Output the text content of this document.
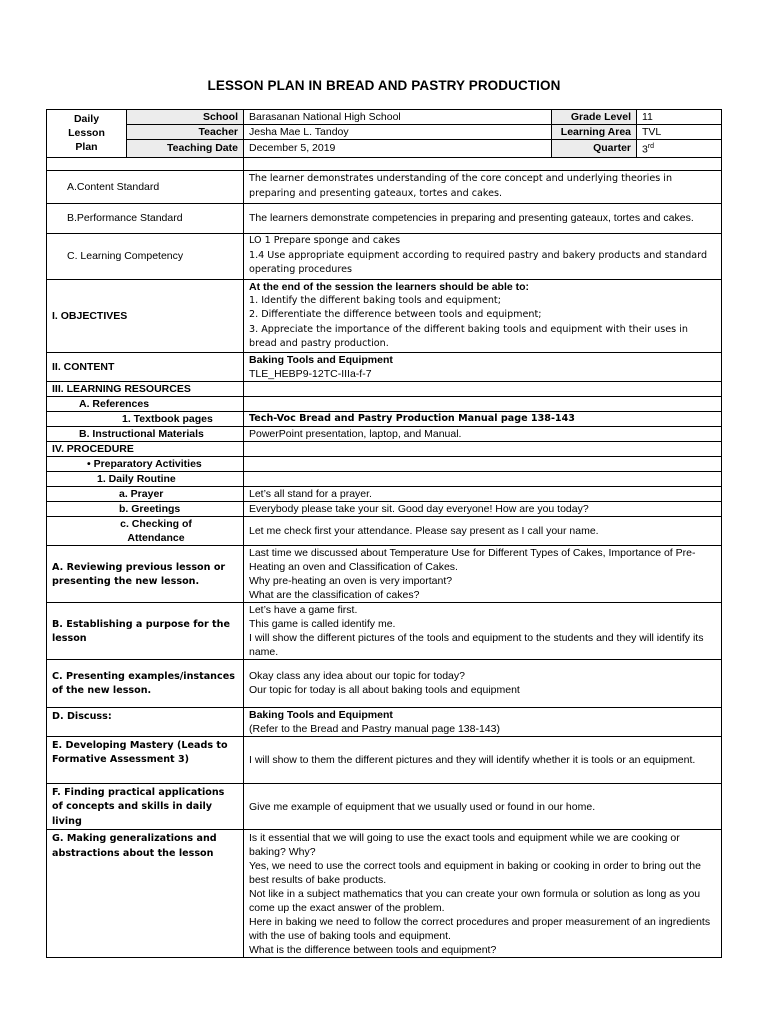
LESSON PLAN IN BREAD AND PASTRY PRODUCTION
Daily Lesson Plan	School	Barasanan National High School	Grade Level	11
	Teacher	Jesha Mae L. Tandoy	Learning Area	TVL
	Teaching Date	December 5, 2019	Quarter	3rd

A.Content Standard		The learner demonstrates understanding of the core concept and underlying theories in preparing and presenting gateaux, tortes and cakes.		
B.Performance Standard		The learners demonstrate competencies in preparing and presenting gateaux, tortes and cakes.		
C. Learning Competency		LO 1 Prepare sponge and cakes
1.4 Use appropriate equipment according to required pastry and bakery products and standard operating procedures		

I. OBJECTIVES		At the end of the session the learners should be able to:
1. Identify the different baking tools and equipment;
2. Differentiate the difference between tools and equipment;
3. Appreciate the importance of the different baking tools and equipment with their uses in bread and pastry production.		

II. CONTENT		Baking Tools and Equipment
TLE_HEBP9-12TC-IIIa-f-7		

III. LEARNING RESOURCES				
A. References				
1. Textbook pages		Tech-Voc Bread and Pastry Production Manual page 138-143		
B. Instructional Materials		PowerPoint presentation, laptop, and Manual.		
IV. PROCEDURE				
• Preparatory Activities				
1. Daily Routine				
a. Prayer		Let’s all stand for a prayer.		
b. Greetings		Everybody please take your sit. Good day everyone! How are you today?		
c. Checking of Attendance		Let me check first your attendance. Please say present as I call your name.		
A. Reviewing previous lesson or presenting the new lesson.		Last time we discussed about Temperature Use for Different Types of Cakes, Importance of Pre-Heating an oven and Classification of Cakes.
Why pre-heating an oven is very important?
What are the classification of cakes?		

B. Establishing a purpose for the lesson		Let’s have a game first.
This game is called identify me.
I will show the different pictures of the tools and equipment to the students and they will identify its name.		

C. Presenting examples/instances of the new lesson.		Okay class any idea about our topic for today?
Our topic for today is all about baking tools and equipment		

D. Discuss:		Baking Tools and Equipment
(Refer to the Bread and Pastry manual page 138-143)		

E. Developing Mastery (Leads to Formative Assessment 3)		I will show to them the different pictures and they will identify whether it is tools or an equipment.		

F. Finding practical applications of concepts and skills in daily living		Give me example of equipment that we usually used or found in our home.		

G. Making generalizations and abstractions about the lesson		Is it essential that we will going to use the exact tools and equipment while we are cooking or baking? Why?
Yes, we need to use the correct tools and equipment in baking or cooking in order to bring out the best results of bake products.
Not like in a subject mathematics that you can create your own formula or solution as long as you come up the exact answer of the problem.
Here in baking we need to follow the correct procedures and proper measurement of an ingredients with the use of baking tools and equipment.
What is the difference between tools and equipment?		
